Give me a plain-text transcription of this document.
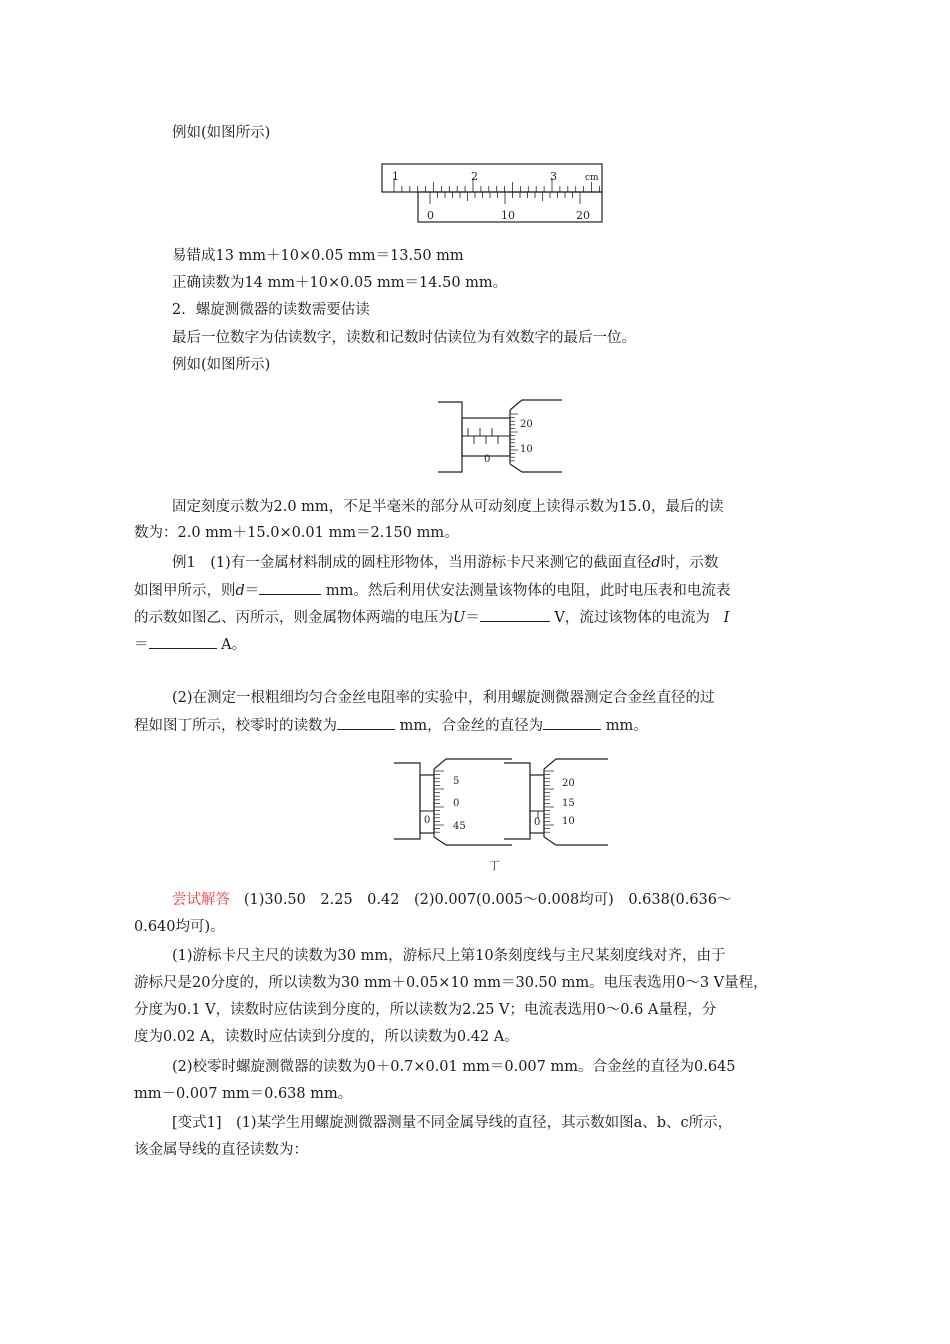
例如(如图所示)
1	2	3	cm
0	10	20
易错成13 mm＋10×0.05 mm＝13.50 mm
正确读数为14 mm＋10×0.05 mm＝14.50 mm。
2．螺旋测微器的读数需要估读
最后一位数字为估读数字，读数和记数时估读位为有效数字的最后一位。
例如(如图所示)
0
20
10
固定刻度示数为2.0 mm，不足半毫米的部分从可动刻度上读得示数为15.0，最后的读
数为：2.0 mm＋15.0×0.01 mm＝2.150 mm。
例1　(1)有一金属材料制成的圆柱形物体，当用游标卡尺来测它的截面直径d时，示数
如图甲所示，则d＝	mm。然后利用伏安法测量该物体的电阻，此时电压表和电流表
的示数如图乙、丙所示，则金属物体两端的电压为U＝	V，流过该物体的电流为 I
＝	A。
(2)在测定一根粗细均匀合金丝电阻率的实验中，利用螺旋测微器测定合金丝直径的过
程如图丁所示，校零时的读数为	mm，合金丝的直径为	mm。
0
5
0
45	0
20
15
10
丁
尝试解答 (1)30.50　2.25　0.42　(2)0.007(0.005～0.008均可)　0.638(0.636～
0.640均可)。
(1)游标卡尺主尺的读数为30 mm，游标尺上第10条刻度线与主尺某刻度线对齐，由于
游标尺是20分度的，所以读数为30 mm＋0.05×10 mm＝30.50 mm。电压表选用0～3 V量程，
分度为0.1 V，读数时应估读到分度的，所以读数为2.25 V；电流表选用0～0.6 A量程，分
度为0.02 A，读数时应估读到分度的，所以读数为0.42 A。
(2)校零时螺旋测微器的读数为0＋0.7×0.01 mm＝0.007 mm。合金丝的直径为0.645
mm－0.007 mm＝0.638 mm。
[变式1]　(1)某学生用螺旋测微器测量不同金属导线的直径，其示数如图a、b、c所示，
该金属导线的直径读数为：
